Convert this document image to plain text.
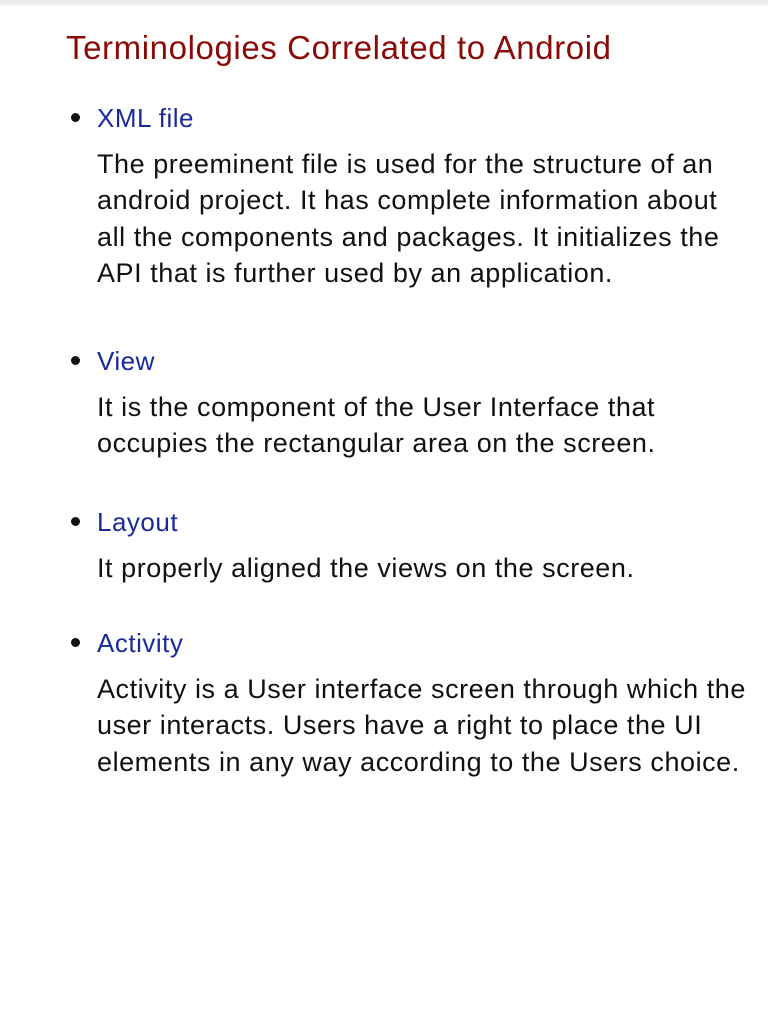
Terminologies Correlated to Android
XML file

The preeminent file is used for the structure of an android project. It has complete information about all the components and packages. It initializes the API that is further used by an application.

View

It is the component of the User Interface that occupies the rectangular area on the screen.

Layout

It properly aligned the views on the screen.

Activity

Activity is a User interface screen through which the user interacts. Users have a right to place the UI elements in any way according to the Users choice.
